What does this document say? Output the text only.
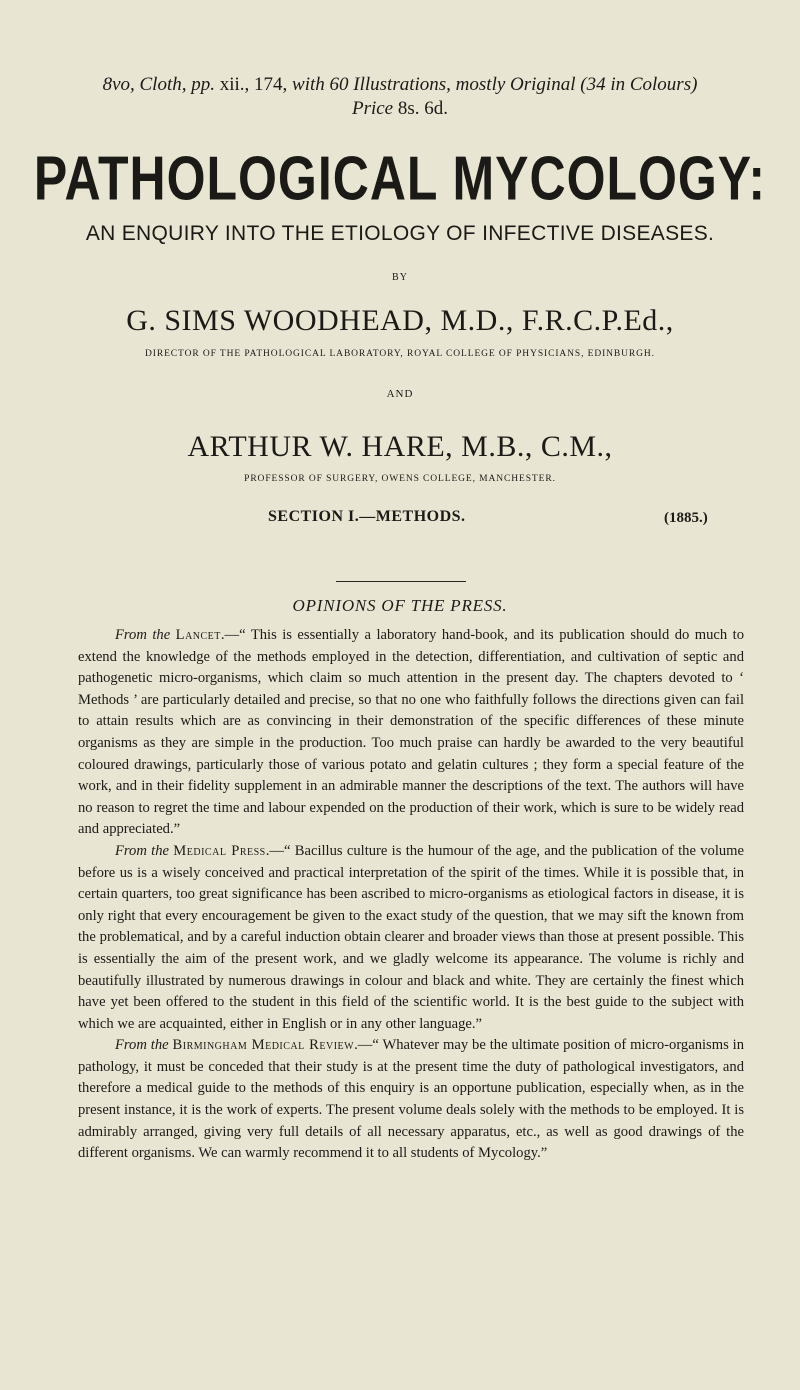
8vo, Cloth, pp. xii., 174, with 60 Illustrations, mostly Original (34 in Colours)
Price 8s. 6d.
PATHOLOGICAL MYCOLOGY:
AN ENQUIRY INTO THE ETIOLOGY OF INFECTIVE DISEASES.
BY
G. SIMS WOODHEAD, M.D., F.R.C.P.Ed.,
DIRECTOR OF THE PATHOLOGICAL LABORATORY, ROYAL COLLEGE OF PHYSICIANS, EDINBURGH.
AND
ARTHUR W. HARE, M.B., C.M.,
PROFESSOR OF SURGERY, OWENS COLLEGE, MANCHESTER.
SECTION I.—METHODS.	(1885.)
OPINIONS OF THE PRESS.

From the Lancet.—“ This is essentially a laboratory hand-book, and its publication should do much to extend the knowledge of the methods employed in the detection, differentiation, and cultivation of septic and pathogenetic micro-organisms, which claim so much attention in the present day. The chapters devoted to ‘ Methods ’ are particularly detailed and precise, so that no one who faithfully follows the directions given can fail to attain results which are as convincing in their demonstration of the specific differences of these minute organisms as they are simple in the production. Too much praise can hardly be awarded to the very beautiful coloured drawings, particularly those of various potato and gelatin cultures ; they form a special feature of the work, and in their fidelity supplement in an admirable manner the descriptions of the text. The authors will have no reason to regret the time and labour expended on the production of their work, which is sure to be widely read and appreciated.”

From the Medical Press.—“ Bacillus culture is the humour of the age, and the publication of the volume before us is a wisely conceived and practical interpretation of the spirit of the times. While it is possible that, in certain quarters, too great significance has been ascribed to micro-organisms as etiological factors in disease, it is only right that every encouragement be given to the exact study of the question, that we may sift the known from the problematical, and by a careful induction obtain clearer and broader views than those at present possible. This is essentially the aim of the present work, and we gladly welcome its appearance. The volume is richly and beautifully illustrated by numerous drawings in colour and black and white. They are certainly the finest which have yet been offered to the student in this field of the scientific world. It is the best guide to the subject with which we are acquainted, either in English or in any other language.”

From the Birmingham Medical Review.—“ Whatever may be the ultimate position of micro-organisms in pathology, it must be conceded that their study is at the present time the duty of pathological investigators, and therefore a medical guide to the methods of this enquiry is an opportune publication, especially when, as in the present instance, it is the work of experts. The present volume deals solely with the methods to be employed. It is admirably arranged, giving very full details of all necessary apparatus, etc., as well as good drawings of the different organisms. We can warmly recommend it to all students of Mycology.”
